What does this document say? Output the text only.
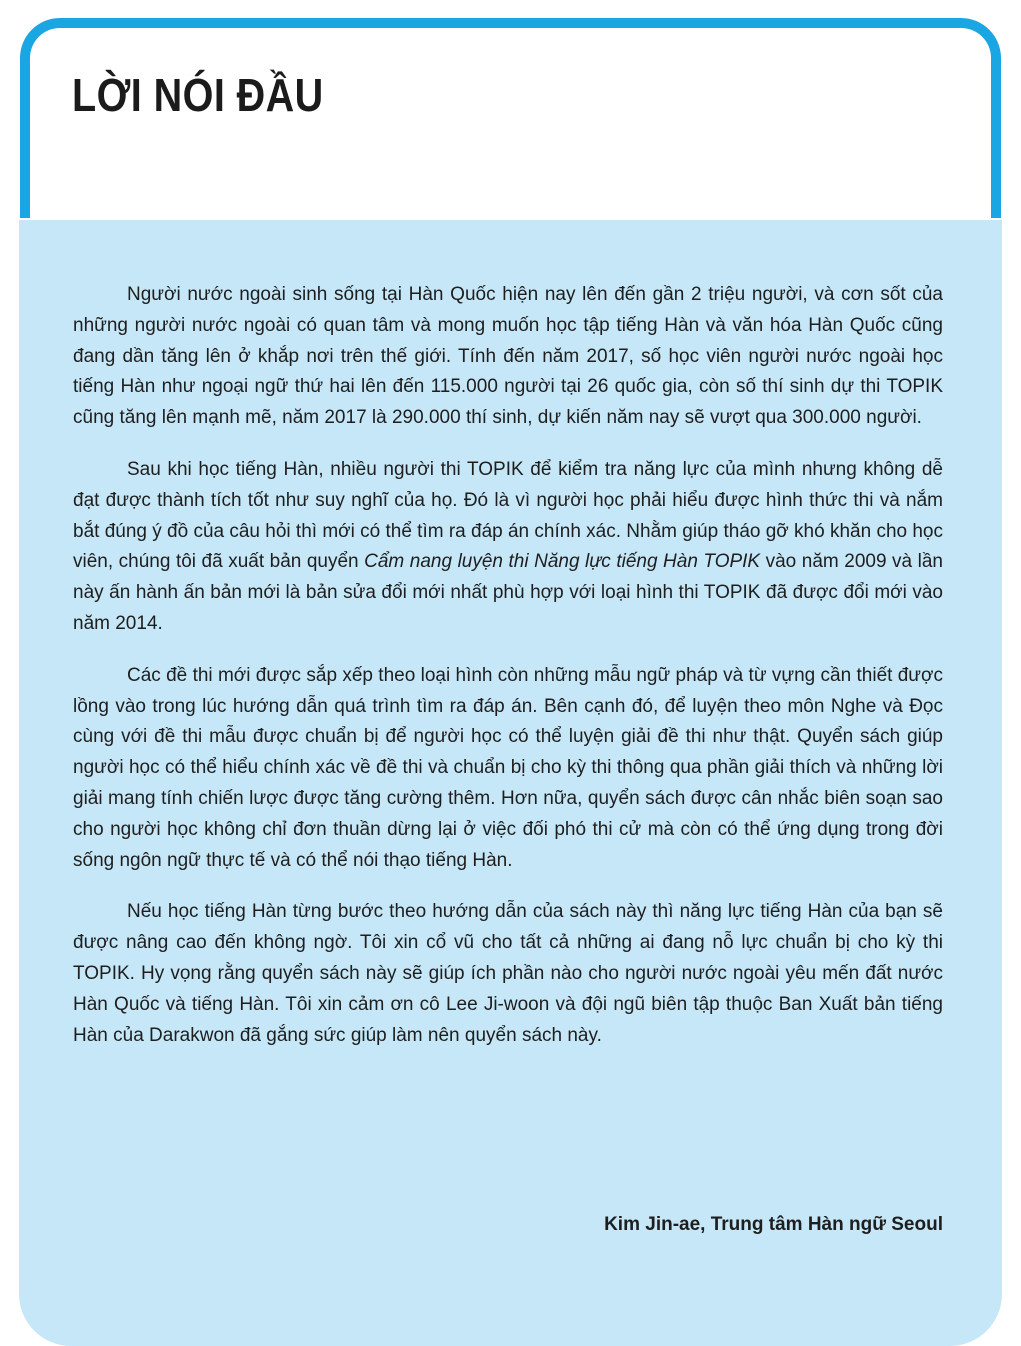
LỜI NÓI ĐẦU

Người nước ngoài sinh sống tại Hàn Quốc hiện nay lên đến gần 2 triệu người, và cơn sốt của những người nước ngoài có quan tâm và mong muốn học tập tiếng Hàn và văn hóa Hàn Quốc cũng đang dần tăng lên ở khắp nơi trên thế giới. Tính đến năm 2017, số học viên người nước ngoài học tiếng Hàn như ngoại ngữ thứ hai lên đến 115.000 người tại 26 quốc gia, còn số thí sinh dự thi TOPIK cũng tăng lên mạnh mẽ, năm 2017 là 290.000 thí sinh, dự kiến năm nay sẽ vượt qua 300.000 người.

Sau khi học tiếng Hàn, nhiều người thi TOPIK để kiểm tra năng lực của mình nhưng không dễ đạt được thành tích tốt như suy nghĩ của họ. Đó là vì người học phải hiểu được hình thức thi và nắm bắt đúng ý đồ của câu hỏi thì mới có thể tìm ra đáp án chính xác. Nhằm giúp tháo gỡ khó khăn cho học viên, chúng tôi đã xuất bản quyển Cẩm nang luyện thi Năng lực tiếng Hàn TOPIK vào năm 2009 và lần này ấn hành ấn bản mới là bản sửa đổi mới nhất phù hợp với loại hình thi TOPIK đã được đổi mới vào năm 2014.

Các đề thi mới được sắp xếp theo loại hình còn những mẫu ngữ pháp và từ vựng cần thiết được lồng vào trong lúc hướng dẫn quá trình tìm ra đáp án. Bên cạnh đó, để luyện theo môn Nghe và Đọc cùng với đề thi mẫu được chuẩn bị để người học có thể luyện giải đề thi như thật. Quyển sách giúp người học có thể hiểu chính xác về đề thi và chuẩn bị cho kỳ thi thông qua phần giải thích và những lời giải mang tính chiến lược được tăng cường thêm. Hơn nữa, quyển sách được cân nhắc biên soạn sao cho người học không chỉ đơn thuần dừng lại ở việc đối phó thi cử mà còn có thể ứng dụng trong đời sống ngôn ngữ thực tế và có thể nói thạo tiếng Hàn.

Nếu học tiếng Hàn từng bước theo hướng dẫn của sách này thì năng lực tiếng Hàn của bạn sẽ được nâng cao đến không ngờ. Tôi xin cổ vũ cho tất cả những ai đang nỗ lực chuẩn bị cho kỳ thi TOPIK. Hy vọng rằng quyển sách này sẽ giúp ích phần nào cho người nước ngoài yêu mến đất nước Hàn Quốc và tiếng Hàn. Tôi xin cảm ơn cô Lee Ji-woon và đội ngũ biên tập thuộc Ban Xuất bản tiếng Hàn của Darakwon đã gắng sức giúp làm nên quyển sách này.

Kim Jin-ae, Trung tâm Hàn ngữ Seoul
